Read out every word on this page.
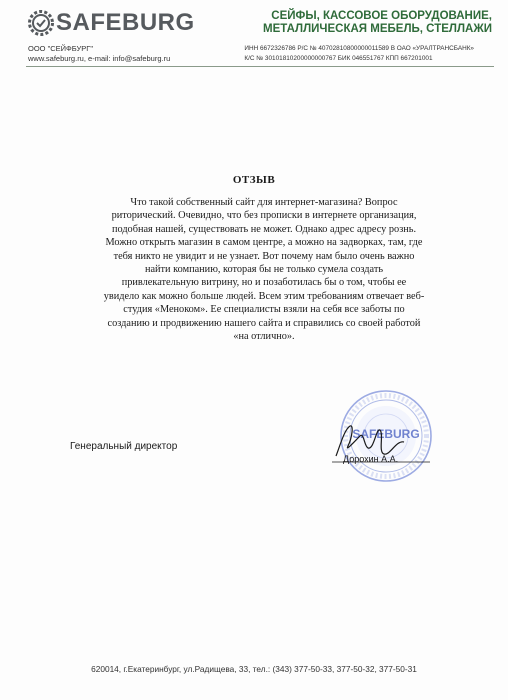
SAFEBURG	СЕЙФЫ, КАССОВОЕ ОБОРУДОВАНИЕ,
МЕТАЛЛИЧЕСКАЯ МЕБЕЛЬ, СТЕЛЛАЖИ
ООО "СЕЙФБУРГ"
www.safeburg.ru, e-mail: info@safeburg.ru
ИНН 6672326786 Р/С № 40702810800000011589 В ОАО «УРАЛТРАНСБАНК»
К/С № 30101810200000000767 БИК 046551767 КПП 667201001
ОТЗЫВ
Что такой собственный сайт для интернет-магазина? Вопрос
риторический. Очевидно, что без прописки в интернете организация,
подобная нашей, существовать не может. Однако адрес адресу рознь.
Можно открыть магазин в самом центре, а можно на задворках, там, где
тебя никто не увидит и не узнает. Вот почему нам было очень важно
найти компанию, которая бы не только сумела создать
привлекательную витрину, но и позаботилась бы о том, чтобы ее
увидело как можно больше людей. Всем этим требованиям отвечает веб-
студия «Меноком». Ее специалисты взяли на себя все заботы по
созданию и продвижению нашего сайта и справились со своей работой
«на отлично».
Генеральный директор
SAFEBURG
Дорохин А.А.
620014, г.Екатеринбург, ул.Радищева, 33, тел.: (343) 377-50-33, 377-50-32, 377-50-31
